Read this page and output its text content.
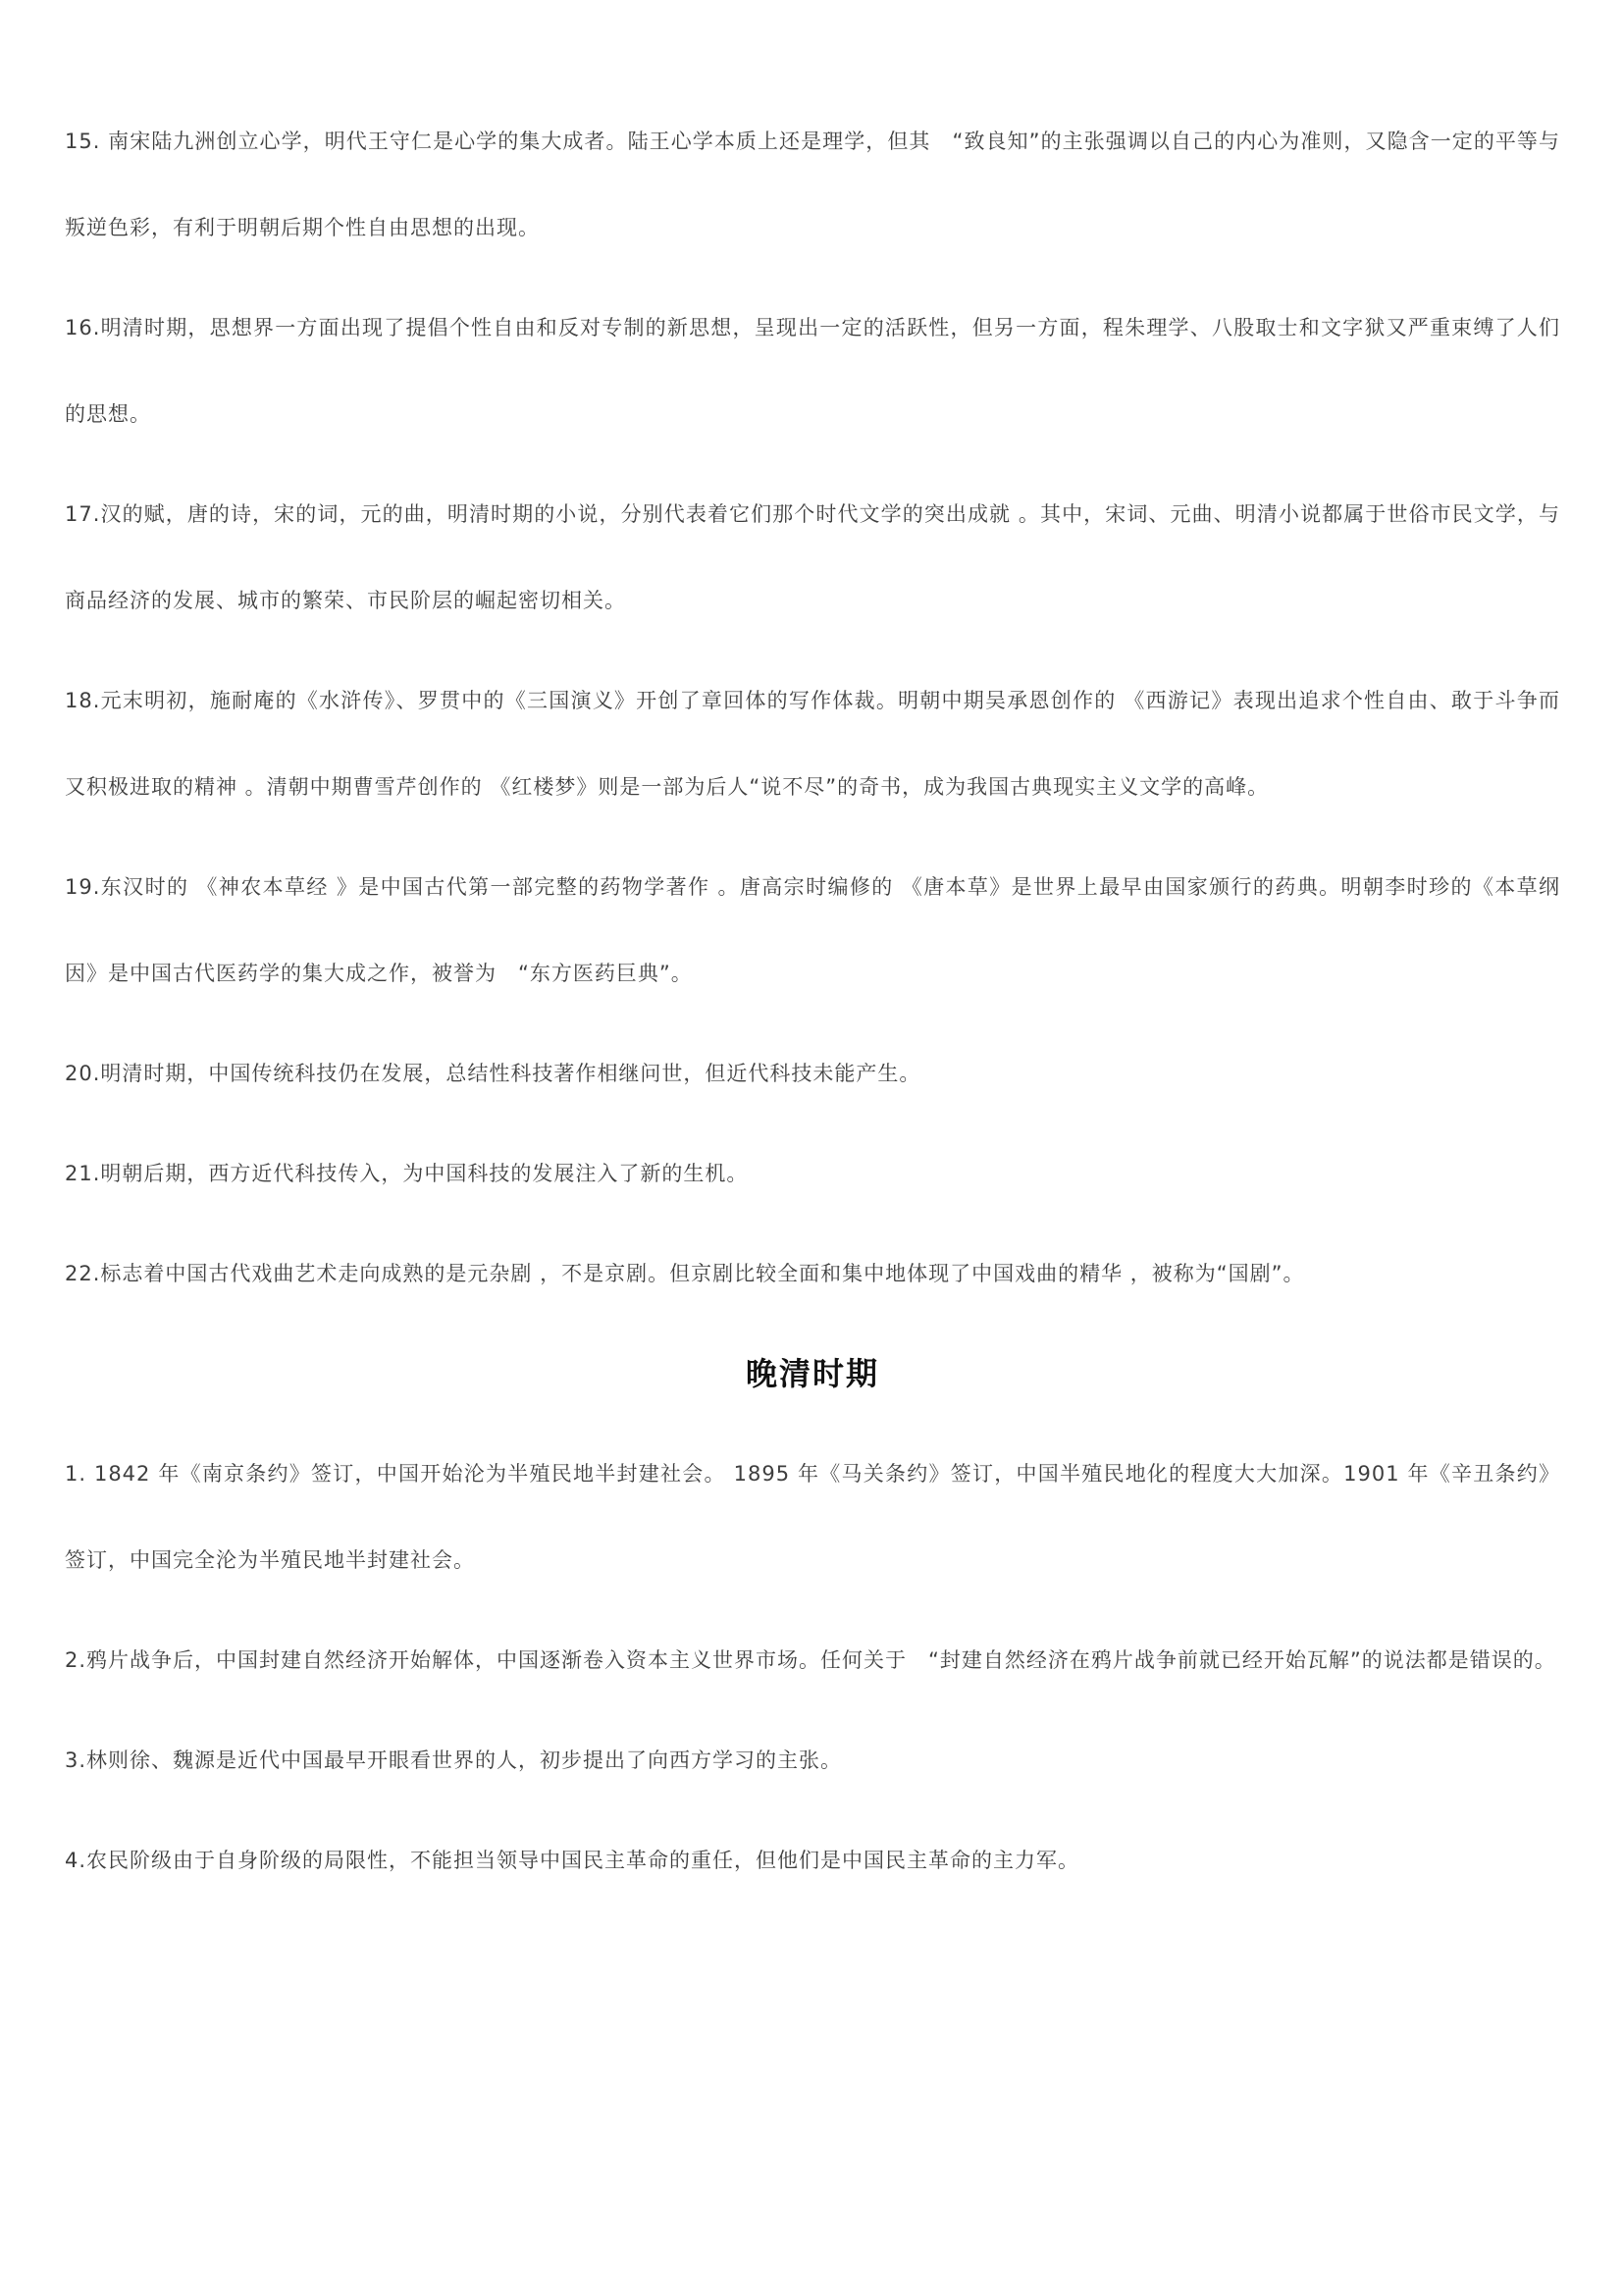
15. 南宋陆九洲创立心学，明代王守仁是心学的集大成者。陆王心学本质上还是理学，但其　“致良知”的主张强调以自己的内心为准则，又隐含一定的平等与叛逆色彩，有利于明朝后期个性自由思想的出现。

16.明清时期，思想界一方面出现了提倡个性自由和反对专制的新思想，呈现出一定的活跃性，但另一方面，程朱理学、八股取士和文字狱又严重束缚了人们的思想。

17.汉的赋，唐的诗，宋的词，元的曲，明清时期的小说，分别代表着它们那个时代文学的突出成就 。其中，宋词、元曲、明清小说都属于世俗市民文学，与商品经济的发展、城市的繁荣、市民阶层的崛起密切相关。

18.元末明初，施耐庵的《水浒传》、罗贯中的《三国演义》开创了章回体的写作体裁。明朝中期吴承恩创作的 《西游记》表现出追求个性自由、敢于斗争而又积极进取的精神 。清朝中期曹雪芹创作的 《红楼梦》则是一部为后人“说不尽”的奇书，成为我国古典现实主义文学的高峰。

19.东汉时的 《神农本草经 》是中国古代第一部完整的药物学著作 。唐高宗时编修的 《唐本草》是世界上最早由国家颁行的药典。明朝李时珍的《本草纲因》是中国古代医药学的集大成之作，被誉为　“东方医药巨典”。

20.明清时期，中国传统科技仍在发展，总结性科技著作相继问世，但近代科技未能产生。

21.明朝后期，西方近代科技传入，为中国科技的发展注入了新的生机。

22.标志着中国古代戏曲艺术走向成熟的是元杂剧 ，不是京剧。但京剧比较全面和集中地体现了中国戏曲的精华 ，被称为“国剧”。

晚清时期

1. 1842 年《南京条约》签订，中国开始沦为半殖民地半封建社会。 1895 年《马关条约》签订，中国半殖民地化的程度大大加深。1901 年《辛丑条约》签订，中国完全沦为半殖民地半封建社会。

2.鸦片战争后，中国封建自然经济开始解体，中国逐渐卷入资本主义世界市场。任何关于　“封建自然经济在鸦片战争前就已经开始瓦解”的说法都是错误的。

3.林则徐、魏源是近代中国最早开眼看世界的人，初步提出了向西方学习的主张。

4.农民阶级由于自身阶级的局限性，不能担当领导中国民主革命的重任，但他们是中国民主革命的主力军。
